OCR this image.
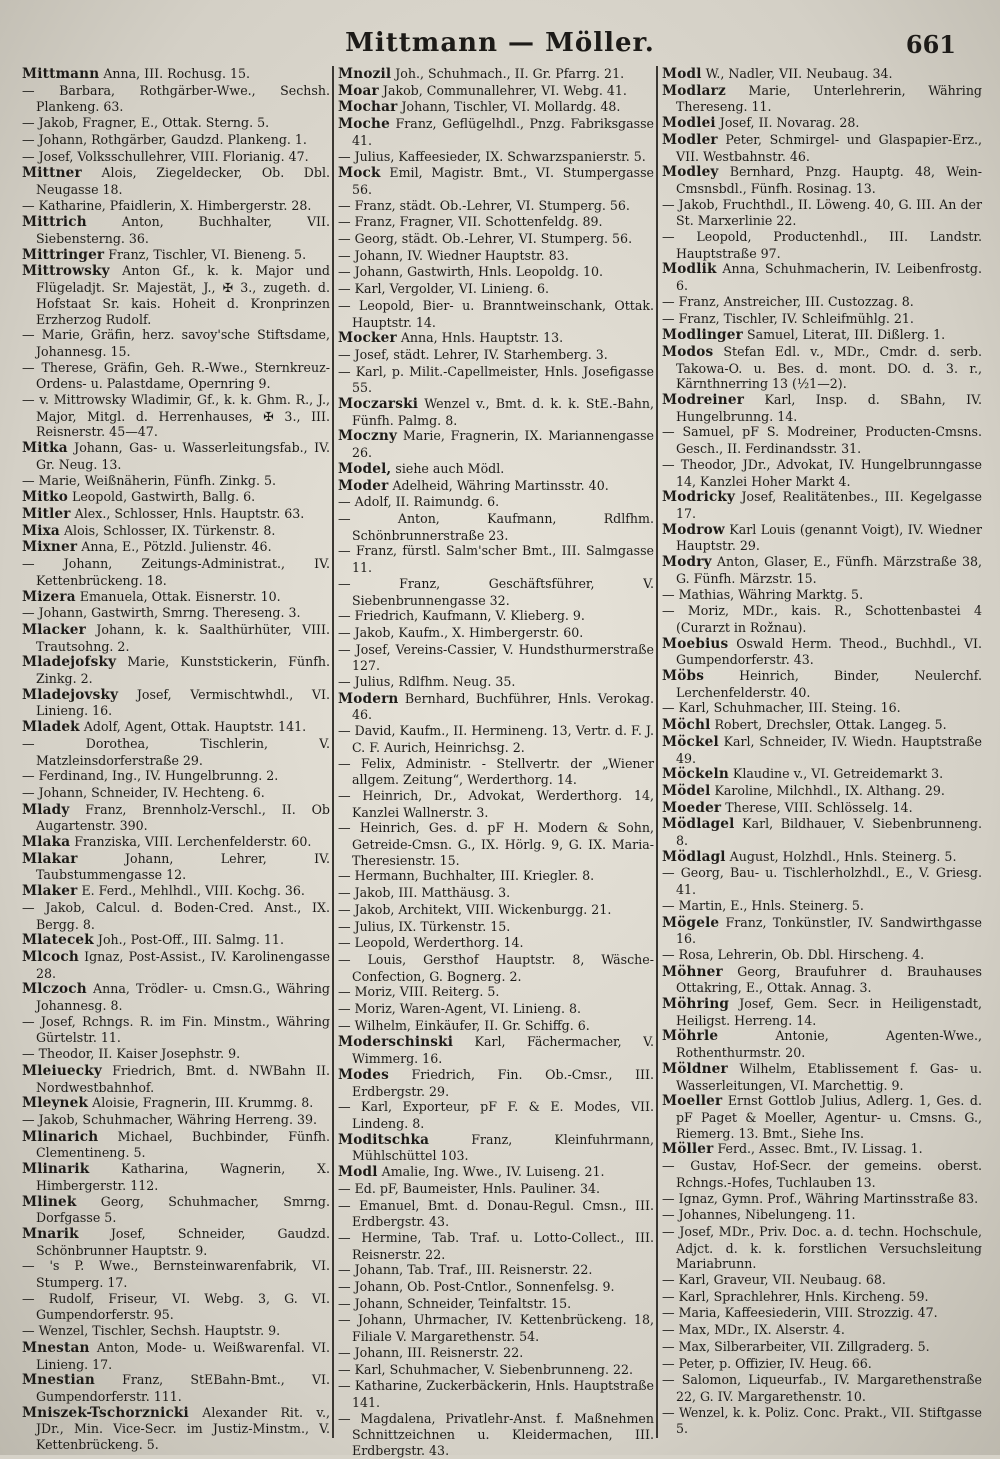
Mittmann — Möller.	661
Mittmann Anna, III. Rochusg. 15.
— Barbara, Rothgärber-Wwe., Sechsh. Plankeng. 63.
— Jakob, Fragner, E., Ottak. Sterng. 5.
— Johann, Rothgärber, Gaudzd. Plankeng. 1.
— Josef, Volksschullehrer, VIII. Florianig. 47.
Mittner Alois, Ziegeldecker, Ob. Dbl. Neugasse 18.
— Katharine, Pfaidlerin, X. Himbergerstr. 28.
Mittrich Anton, Buchhalter, VII. Siebensterng. 36.
Mittringer Franz, Tischler, VI. Bieneng. 5.
Mittrowsky Anton Gf., k. k. Major und Flügeladjt. Sr. Majestät, J., ✠ 3., zugeth. d. Hofstaat Sr. kais. Hoheit d. Kronprinzen Erzherzog Rudolf.
— Marie, Gräfin, herz. savoy'sche Stiftsdame, Johannesg. 15.
— Therese, Gräfin, Geh. R.-Wwe., Sternkreuz-Ordens- u. Palastdame, Opernring 9.
— v. Mittrowsky Wladimir, Gf., k. k. Ghm. R., J., Major, Mitgl. d. Herrenhauses, ✠ 3., III. Reisnerstr. 45—47.
Mitka Johann, Gas- u. Wasserleitungsfab., IV. Gr. Neug. 13.
— Marie, Weißnäherin, Fünfh. Zinkg. 5.
Mitko Leopold, Gastwirth, Ballg. 6.
Mitler Alex., Schlosser, Hnls. Hauptstr. 63.
Mixa Alois, Schlosser, IX. Türkenstr. 8.
Mixner Anna, E., Pötzld. Julienstr. 46.
— Johann, Zeitungs-Administrat., IV. Kettenbrückeng. 18.
Mizera Emanuela, Ottak. Eisnerstr. 10.
— Johann, Gastwirth, Smrng. Thereseng. 3.
Mlacker Johann, k. k. Saalthürhüter, VIII. Trautsohng. 2.
Mladejofsky Marie, Kunststickerin, Fünfh. Zinkg. 2.
Mladejovsky Josef, Vermischtwhdl., VI. Linieng. 16.
Mladek Adolf, Agent, Ottak. Hauptstr. 141.
— Dorothea, Tischlerin, V. Matzleinsdorferstraße 29.
— Ferdinand, Ing., IV. Hungelbrunng. 2.
— Johann, Schneider, IV. Hechteng. 6.
Mlady Franz, Brennholz-Verschl., II. Ob Augartenstr. 390.
Mlaka Franziska, VIII. Lerchenfelderstr. 60.
Mlakar Johann, Lehrer, IV. Taubstummengasse 12.
Mlaker E. Ferd., Mehlhdl., VIII. Kochg. 36.
— Jakob, Calcul. d. Boden-Cred. Anst., IX. Bergg. 8.
Mlatecek Joh., Post-Off., III. Salmg. 11.
Mlcoch Ignaz, Post-Assist., IV. Karolinengasse 28.
Mlczoch Anna, Trödler- u. Cmsn.G., Währing Johannesg. 8.
— Josef, Rchngs. R. im Fin. Minstm., Währing Gürtelstr. 11.
— Theodor, II. Kaiser Josephstr. 9.
Mleiuecky Friedrich, Bmt. d. NWBahn II. Nordwestbahnhof.
Mleynek Aloisie, Fragnerin, III. Krummg. 8.
— Jakob, Schuhmacher, Währing Herreng. 39.
Mlinarich Michael, Buchbinder, Fünfh. Clementineng. 5.
Mlinarik Katharina, Wagnerin, X. Himbergerstr. 112.
Mlinek Georg, Schuhmacher, Smrng. Dorfgasse 5.
Mnarik Josef, Schneider, Gaudzd. Schönbrunner Hauptstr. 9.
— 's P. Wwe., Bernsteinwarenfabrik, VI. Stumperg. 17.
— Rudolf, Friseur, VI. Webg. 3, G. VI. Gumpendorferstr. 95.
— Wenzel, Tischler, Sechsh. Hauptstr. 9.
Mnestan Anton, Mode- u. Weißwarenfal. VI. Linieng. 17.
Mnestian Franz, StEBahn-Bmt., VI. Gumpendorferstr. 111.
Mniszek-Tschorznicki Alexander Rit. v., JDr., Min. Vice-Secr. im Justiz-Minstm., V. Kettenbrückeng. 5.
Mnozil Joh., Schuhmach., II. Gr. Pfarrg. 21.
Moar Jakob, Communallehrer, VI. Webg. 41.
Mochar Johann, Tischler, VI. Mollardg. 48.
Moche Franz, Geflügelhdl., Pnzg. Fabriksgasse 41.
— Julius, Kaffeesieder, IX. Schwarzspanierstr. 5.
Mock Emil, Magistr. Bmt., VI. Stumpergasse 56.
— Franz, städt. Ob.-Lehrer, VI. Stumperg. 56.
— Franz, Fragner, VII. Schottenfeldg. 89.
— Georg, städt. Ob.-Lehrer, VI. Stumperg. 56.
— Johann, IV. Wiedner Hauptstr. 83.
— Johann, Gastwirth, Hnls. Leopoldg. 10.
— Karl, Vergolder, VI. Linieng. 6.
— Leopold, Bier- u. Branntweinschank, Ottak. Hauptstr. 14.
Mocker Anna, Hnls. Hauptstr. 13.
— Josef, städt. Lehrer, IV. Starhemberg. 3.
— Karl, p. Milit.-Capellmeister, Hnls. Josefigasse 55.
Moczarski Wenzel v., Bmt. d. k. k. StE.-Bahn, Fünfh. Palmg. 8.
Moczny Marie, Fragnerin, IX. Mariannengasse 26.
Model, siehe auch Mödl.
Moder Adelheid, Währing Martinsstr. 40.
— Adolf, II. Raimundg. 6.
— Anton, Kaufmann, Rdlfhm. Schönbrunnerstraße 23.
— Franz, fürstl. Salm'scher Bmt., III. Salmgasse 11.
— Franz, Geschäftsführer, V. Siebenbrunnengasse 32.
— Friedrich, Kaufmann, V. Klieberg. 9.
— Jakob, Kaufm., X. Himbergerstr. 60.
— Josef, Vereins-Cassier, V. Hundsthurmerstraße 127.
— Julius, Rdlfhm. Neug. 35.
Modern Bernhard, Buchführer, Hnls. Verokag. 46.
— David, Kaufm., II. Hermineng. 13, Vertr. d. F. J. C. F. Aurich, Heinrichsg. 2.
— Felix, Administr. - Stellvertr. der „Wiener allgem. Zeitung“, Werderthorg. 14.
— Heinrich, Dr., Advokat, Werderthorg. 14, Kanzlei Wallnerstr. 3.
— Heinrich, Ges. d. pF H. Modern & Sohn, Getreide-Cmsn. G., IX. Hörlg. 9, G. IX. Maria-Theresienstr. 15.
— Hermann, Buchhalter, III. Kriegler. 8.
— Jakob, III. Matthäusg. 3.
— Jakob, Architekt, VIII. Wickenburgg. 21.
— Julius, IX. Türkenstr. 15.
— Leopold, Werderthorg. 14.
— Louis, Gersthof Hauptstr. 8, Wäsche-Confection, G. Bognerg. 2.
— Moriz, VIII. Reiterg. 5.
— Moriz, Waren-Agent, VI. Linieng. 8.
— Wilhelm, Einkäufer, II. Gr. Schiffg. 6.
Moderschinski Karl, Fächermacher, V. Wimmerg. 16.
Modes Friedrich, Fin. Ob.-Cmsr., III. Erdbergstr. 29.
— Karl, Exporteur, pF F. & E. Modes, VII. Lindeng. 8.
Moditschka Franz, Kleinfuhrmann, Mühlschüttel 103.
Modl Amalie, Ing. Wwe., IV. Luiseng. 21.
— Ed. pF, Baumeister, Hnls. Pauliner. 34.
— Emanuel, Bmt. d. Donau-Regul. Cmsn., III. Erdbergstr. 43.
— Hermine, Tab. Traf. u. Lotto-Collect., III. Reisnerstr. 22.
— Johann, Tab. Traf., III. Reisnerstr. 22.
— Johann, Ob. Post-Cntlor., Sonnenfelsg. 9.
— Johann, Schneider, Teinfaltstr. 15.
— Johann, Uhrmacher, IV. Kettenbrückeng. 18, Filiale V. Margarethenstr. 54.
— Johann, III. Reisnerstr. 22.
— Karl, Schuhmacher, V. Siebenbrunneng. 22.
— Katharine, Zuckerbäckerin, Hnls. Hauptstraße 141.
— Magdalena, Privatlehr-Anst. f. Maßnehmen Schnittzeichnen u. Kleidermachen, III. Erdbergstr. 43.
Modl W., Nadler, VII. Neubaug. 34.
Modlarz Marie, Unterlehrerin, Währing Thereseng. 11.
Modlei Josef, II. Novarag. 28.
Modler Peter, Schmirgel- und Glaspapier-Erz., VII. Westbahnstr. 46.
Modley Bernhard, Pnzg. Hauptg. 48, Wein-Cmsnsbdl., Fünfh. Rosinag. 13.
— Jakob, Fruchthdl., II. Löweng. 40, G. III. An der St. Marxerlinie 22.
— Leopold, Productenhdl., III. Landstr. Hauptstraße 97.
Modlik Anna, Schuhmacherin, IV. Leibenfrostg. 6.
— Franz, Anstreicher, III. Custozzag. 8.
— Franz, Tischler, IV. Schleifmühlg. 21.
Modlinger Samuel, Literat, III. Dißlerg. 1.
Modos Stefan Edl. v., MDr., Cmdr. d. serb. Takowa-O. u. Bes. d. mont. DO. d. 3. r., Kärnthnerring 13 (½1—2).
Modreiner Karl, Insp. d. SBahn, IV. Hungelbrunng. 14.
— Samuel, pF S. Modreiner, Producten-Cmsns. Gesch., II. Ferdinandsstr. 31.
— Theodor, JDr., Advokat, IV. Hungelbrunngasse 14, Kanzlei Hoher Markt 4.
Modricky Josef, Realitätenbes., III. Kegelgasse 17.
Modrow Karl Louis (genannt Voigt), IV. Wiedner Hauptstr. 29.
Modry Anton, Glaser, E., Fünfh. Märzstraße 38, G. Fünfh. Märzstr. 15.
— Mathias, Währing Marktg. 5.
— Moriz, MDr., kais. R., Schottenbastei 4 (Curarzt in Rožnau).
Moebius Oswald Herm. Theod., Buchhdl., VI. Gumpendorferstr. 43.
Möbs Heinrich, Binder, Neulerchf. Lerchenfelderstr. 40.
— Karl, Schuhmacher, III. Steing. 16.
Möchl Robert, Drechsler, Ottak. Langeg. 5.
Möckel Karl, Schneider, IV. Wiedn. Hauptstraße 49.
Möckeln Klaudine v., VI. Getreidemarkt 3.
Mödel Karoline, Milchhdl., IX. Althang. 29.
Moeder Therese, VIII. Schlösselg. 14.
Mödlagel Karl, Bildhauer, V. Siebenbrunneng. 8.
Mödlagl August, Holzhdl., Hnls. Steinerg. 5.
— Georg, Bau- u. Tischlerholzhdl., E., V. Griesg. 41.
— Martin, E., Hnls. Steinerg. 5.
Mögele Franz, Tonkünstler, IV. Sandwirthgasse 16.
— Rosa, Lehrerin, Ob. Dbl. Hirscheng. 4.
Möhner Georg, Braufuhrer d. Brauhauses Ottakring, E., Ottak. Annag. 3.
Möhring Josef, Gem. Secr. in Heiligenstadt, Heiligst. Herreng. 14.
Möhrle Antonie, Agenten-Wwe., Rothenthurmstr. 20.
Möldner Wilhelm, Etablissement f. Gas- u. Wasserleitungen, VI. Marchettig. 9.
Moeller Ernst Gottlob Julius, Adlerg. 1, Ges. d. pF Paget & Moeller, Agentur- u. Cmsns. G., Riemerg. 13. Bmt., Siehe Ins.
Möller Ferd., Assec. Bmt., IV. Lissag. 1.
— Gustav, Hof-Secr. der gemeins. oberst. Rchngs.-Hofes, Tuchlauben 13.
— Ignaz, Gymn. Prof., Währing Martinsstraße 83.
— Johannes, Nibelungeng. 11.
— Josef, MDr., Priv. Doc. a. d. techn. Hochschule, Adjct. d. k. k. forstlichen Versuchsleitung Mariabrunn.
— Karl, Graveur, VII. Neubaug. 68.
— Karl, Sprachlehrer, Hnls. Kircheng. 59.
— Maria, Kaffeesiederin, VIII. Strozzig. 47.
— Max, MDr., IX. Alserstr. 4.
— Max, Silberarbeiter, VII. Zillgraderg. 5.
— Peter, p. Offizier, IV. Heug. 66.
— Salomon, Liqueurfab., IV. Margarethenstraße 22, G. IV. Margarethenstr. 10.
— Wenzel, k. k. Poliz. Conc. Prakt., VII. Stiftgasse 5.
